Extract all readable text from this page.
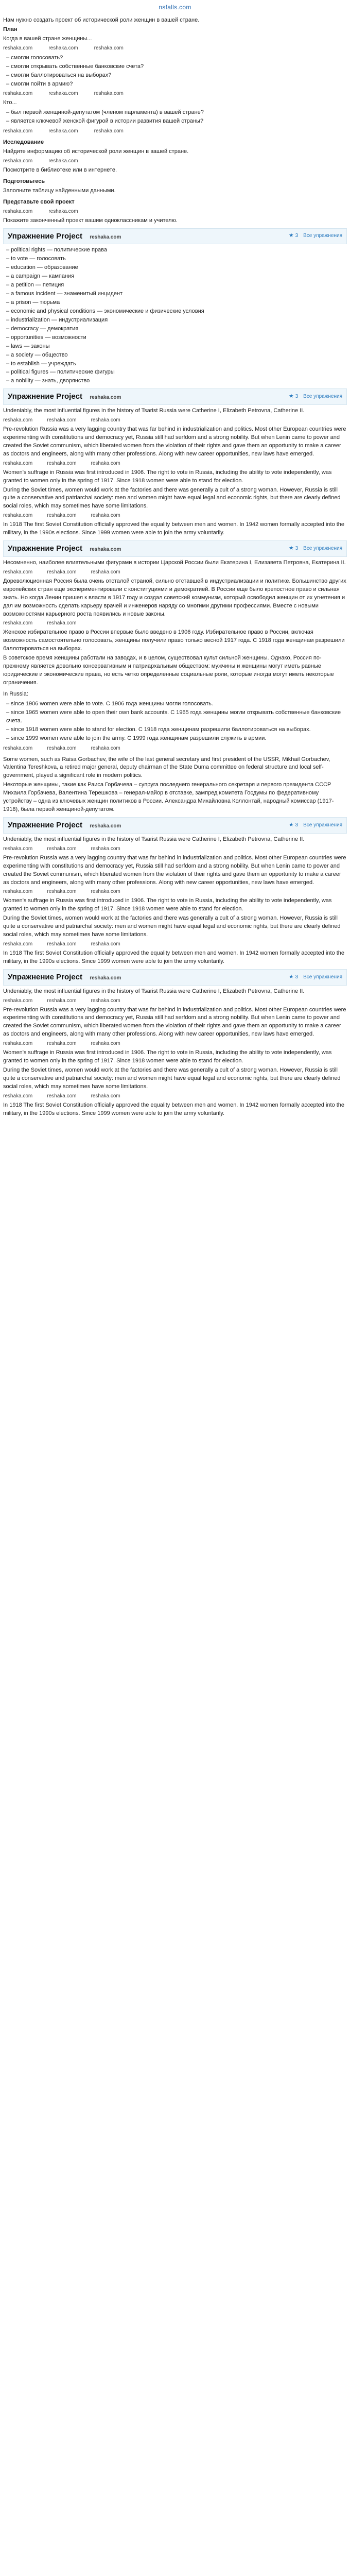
nsfalls.com

Нам нужно создать проект об исторической роли женщин в вашей стране.

План

Когда в вашей стране женщины...

reshaka.com	reshaka.com	reshaka.com
– смогли голосовать?
– смогли открывать собственные банковские счета?
– смогли баллотироваться на выборах?
– смогли пойти в армию?
reshaka.com	reshaka.com	reshaka.com

Кто...

– был первой женщиной-депутатом (членом парламента) в вашей стране?
– является ключевой женской фигурой в истории развития вашей страны?
reshaka.com	reshaka.com	reshaka.com

Исследование

Найдите информацию об исторической роли женщин в вашей стране.

reshaka.com	reshaka.com

Посмотрите в библиотеке или в интернете.

Подготовьтесь

Заполните таблицу найденными данными.

Представьте свой проект

reshaka.com	reshaka.com

Покажите законченный проект вашим одноклассникам и учителю.

Упражнение Project reshaka.com	★ 3 Все упражнения
– political rights — политические права
– to vote — голосовать
– education — образование
– a campaign — кампания
– a petition — петиция
– a famous incident — знаменитый инцидент
– a prison — тюрьма
– economic and physical conditions — экономические и физические условия
– industrialization — индустриализация
– democracy — демократия
– opportunities — возможности
– laws — законы
– a society — общество
– to establish — учреждать
– political figures — политические фигуры
– a nobility — знать, дворянство
Упражнение Project reshaka.com	★ 3 Все упражнения

Undeniably, the most influential figures in the history of Tsarist Russia were Catherine I, Elizabeth Petrovna, Catherine II.

reshaka.com	reshaka.com	reshaka.com

Pre-revolution Russia was a very lagging country that was far behind in industrialization and politics. Most other European countries were experimenting with constitutions and democracy yet, Russia still had serfdom and a strong nobility. But when Lenin came to power and created the Soviet communism, which liberated women from the violation of their rights and gave them an opportunity to make a career as doctors and engineers, along with many other professions. Along with new career opportunities, new laws have emerged.

reshaka.com	reshaka.com	reshaka.com

Women's suffrage in Russia was first introduced in 1906. The right to vote in Russia, including the ability to vote independently, was granted to women only in the spring of 1917. Since 1918 women were able to stand for election.

During the Soviet times, women would work at the factories and there was generally a cult of a strong woman. However, Russia is still quite a conservative and patriarchal society: men and women might have equal legal and economic rights, but there are clearly defined social roles, which may sometimes have some limitations.

reshaka.com	reshaka.com	reshaka.com

In 1918 The first Soviet Constitution officially approved the equality between men and women. In 1942 women formally accepted into the military, in the 1990s elections. Since 1999 women were able to join the army voluntarily.

Упражнение Project reshaka.com	★ 3 Все упражнения

Несомненно, наиболее влиятельными фигурами в истории Царской России были Екатерина I, Елизавета Петровна, Екатерина II.

reshaka.com	reshaka.com	reshaka.com

Дореволюционная Россия была очень отсталой страной, сильно отставшей в индустриализации и политике. Большинство других европейских стран еще экспериментировали с конституциями и демократией. В России еще было крепостное право и сильная знать. Но когда Ленин пришел к власти в 1917 году и создал советский коммунизм, который освободил женщин от их угнетения и дал им возможность сделать карьеру врачей и инженеров наряду со многими другими профессиями. Вместе с новыми возможностями карьерного роста появились и новые законы.

reshaka.com	reshaka.com

Женское избирательное право в России впервые было введено в 1906 году. Избирательное право в России, включая возможность самостоятельно голосовать, женщины получили право только весной 1917 года. С 1918 года женщинам разрешили баллотироваться на выборах.

В советское время женщины работали на заводах, и в целом, существовал культ сильной женщины. Однако, Россия по-прежнему является довольно консервативным и патриархальным обществом: мужчины и женщины могут иметь равные юридические и экономические права, но есть четко определенные социальные роли, которые иногда могут иметь некоторые ограничения.

In Russia:

– since 1906 women were able to vote. С 1906 года женщины могли голосовать.
– since 1965 women were able to open their own bank accounts. С 1965 года женщины могли открывать собственные банковские счета.
– since 1918 women were able to stand for election. С 1918 года женщинам разрешили баллотироваться на выборах.
– since 1999 women were able to join the army. С 1999 года женщинам разрешили служить в армии.
reshaka.com	reshaka.com	reshaka.com

Some women, such as Raisa Gorbachev, the wife of the last general secretary and first president of the USSR, Mikhail Gorbachev, Valentina Tereshkova, a retired major general, deputy chairman of the State Duma committee on federal structure and local self-government, played a significant role in modern politics.

Некоторые женщины, такие как Раиса Горбачева – супруга последнего генерального секретаря и первого президента СССР Михаила Горбачева, Валентина Терешкова – генерал-майор в отставке, зампред комитета Госдумы по федеративному устройству – одна из ключевых женщин политиков в России. Александра Михайловна Коллонтай, народный комиссар (1917-1918), была первой женщиной-депутатом.

Упражнение Project reshaka.com	★ 3 Все упражнения

Undeniably, the most influential figures in the history of Tsarist Russia were Catherine I, Elizabeth Petrovna, Catherine II.

reshaka.com	reshaka.com	reshaka.com

Pre-revolution Russia was a very lagging country that was far behind in industrialization and politics. Most other European countries were experimenting with constitutions and democracy yet, Russia still had serfdom and a strong nobility. But when Lenin came to power and created the Soviet communism, which liberated women from the violation of their rights and gave them an opportunity to make a career as doctors and engineers, along with many other professions. Along with new career opportunities, new laws have emerged.

reshaka.com	reshaka.com	reshaka.com

Women's suffrage in Russia was first introduced in 1906. The right to vote in Russia, including the ability to vote independently, was granted to women only in the spring of 1917. Since 1918 women were able to stand for election.

During the Soviet times, women would work at the factories and there was generally a cult of a strong woman. However, Russia is still quite a conservative and patriarchal society: men and women might have equal legal and economic rights, but there are clearly defined social roles, which may sometimes have some limitations.

reshaka.com	reshaka.com	reshaka.com

In 1918 The first Soviet Constitution officially approved the equality between men and women. In 1942 women formally accepted into the military, in the 1990s elections. Since 1999 women were able to join the army voluntarily.

Упражнение Project reshaka.com	★ 3 Все упражнения

Undeniably, the most influential figures in the history of Tsarist Russia were Catherine I, Elizabeth Petrovna, Catherine II.

reshaka.com	reshaka.com	reshaka.com

Pre-revolution Russia was a very lagging country that was far behind in industrialization and politics. Most other European countries were experimenting with constitutions and democracy yet, Russia still had serfdom and a strong nobility. But when Lenin came to power and created the Soviet communism, which liberated women from the violation of their rights and gave them an opportunity to make a career as doctors and engineers, along with many other professions. Along with new career opportunities, new laws have emerged.

reshaka.com	reshaka.com	reshaka.com

Women's suffrage in Russia was first introduced in 1906. The right to vote in Russia, including the ability to vote independently, was granted to women only in the spring of 1917. Since 1918 women were able to stand for election.

During the Soviet times, women would work at the factories and there was generally a cult of a strong woman. However, Russia is still quite a conservative and patriarchal society: men and women might have equal legal and economic rights, but there are clearly defined social roles, which may sometimes have some limitations.

reshaka.com	reshaka.com	reshaka.com

In 1918 The first Soviet Constitution officially approved the equality between men and women. In 1942 women formally accepted into the military, in the 1990s elections. Since 1999 women were able to join the army voluntarily.
